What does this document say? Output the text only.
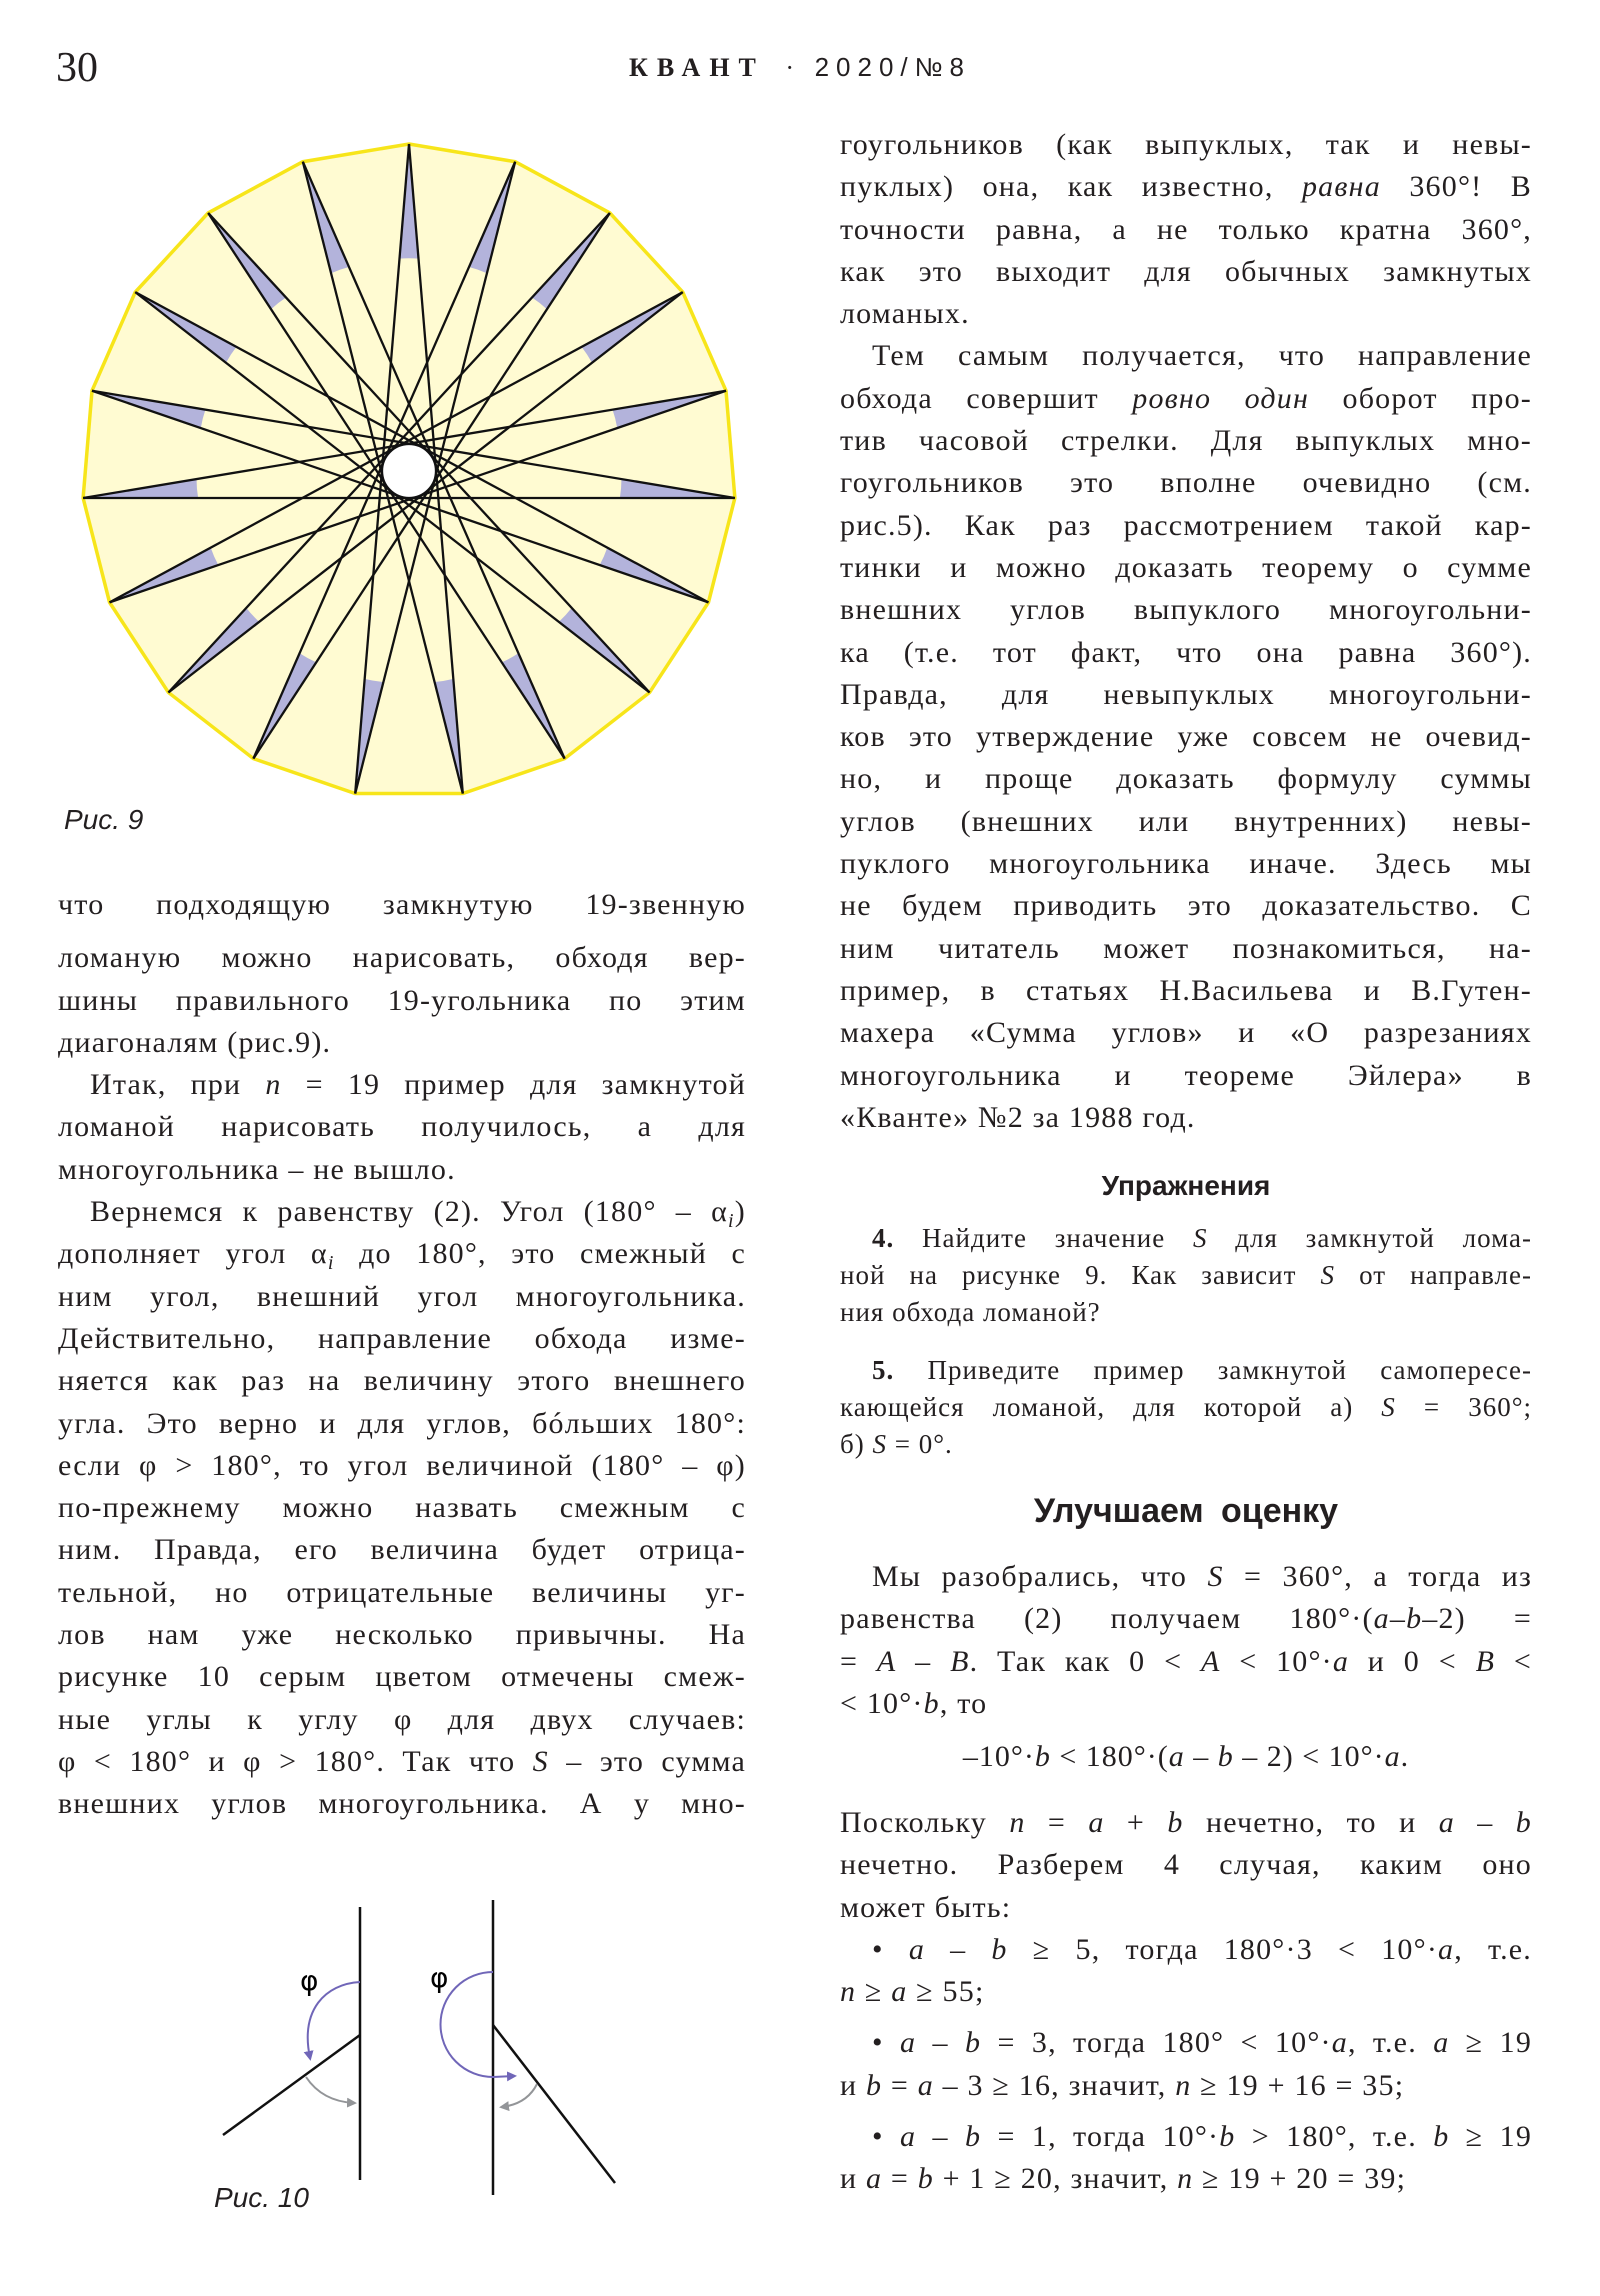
30	КВАНТ · 2020/№8
Рис. 9
φ	φ
Рис. 10
что подходящую замкнутую 19-звенную
ломаную можно нарисовать, обходя вер-
шины правильного 19-угольника по этим
диагоналям (рис.9).
Итак, при n = 19 пример для замкнутой
ломаной нарисовать получилось, а для
многоугольника – не вышло.
Вернемся к равенству (2). Угол $(180^\circ - \alpha_i)$
дополняет угол $\alpha_i$ до 180°, это смежный с
ним угол, внешний угол многоугольника.
Действительно, направление обхода изме-
няется как раз на величину этого внешнего
угла. Это верно и для углов, бóльших 180°:
если φ > 180°, то угол величиной (180° – φ)
по-прежнему можно назвать смежным с
ним. Правда, его величина будет отрица-
тельной, но отрицательные величины уг-
лов нам уже несколько привычны. На
рисунке 10 серым цветом отмечены смеж-
ные углы к углу φ для двух случаев:
φ < 180° и φ > 180°. Так что S – это сумма
внешних углов многоугольника. А у мно-
гоугольников (как выпуклых, так и невы-
пуклых) она, как известно, равна 360°! В
точности равна, а не только кратна 360°,
как это выходит для обычных замкнутых
ломаных.
Тем самым получается, что направление
обхода совершит ровно один оборот про-
тив часовой стрелки. Для выпуклых мно-
гоугольников это вполне очевидно (см.
рис.5). Как раз рассмотрением такой кар-
тинки и можно доказать теорему о сумме
внешних углов выпуклого многоугольни-
ка (т.е. тот факт, что она равна 360°).
Правда, для невыпуклых многоугольни-
ков это утверждение уже совсем не очевид-
но, и проще доказать формулу суммы
углов (внешних или внутренних) невы-
пуклого многоугольника иначе. Здесь мы
не будем приводить это доказательство. С
ним читатель может познакомиться, на-
пример, в статьях Н.Васильева и В.Гутен-
махера «Сумма углов» и «О разрезаниях
многоугольника и теореме Эйлера» в
«Кванте» №2 за 1988 год.
Упражнения
4. Найдите значение S для замкнутой лома-
ной на рисунке 9. Как зависит S от направле-
ния обхода ломаной?
5. Приведите пример замкнутой самопересе-
кающейся ломаной, для которой а) S = 360°;
б) S = 0°.
Улучшаем оценку
Мы разобрались, что S = 360°, а тогда из
равенства (2) получаем 180°·(a–b–2) =
= A – B. Так как 0 < A < 10°·a и 0 < B <
< 10°·b, то
–10°·b < 180°·(a – b – 2) < 10°·a.
Поскольку n = a + b нечетно, то и a – b
нечетно. Разберем 4 случая, каким оно
может быть:
• a – b ≥ 5, тогда 180°·3 < 10°·a, т.е.
n ≥ a ≥ 55;
• a – b = 3, тогда 180° < 10°·a, т.е. a ≥ 19
и b = a – 3 ≥ 16, значит, n ≥ 19 + 16 = 35;
• a – b = 1, тогда 10°·b > 180°, т.е. b ≥ 19
и a = b + 1 ≥ 20, значит, n ≥ 19 + 20 = 39;
